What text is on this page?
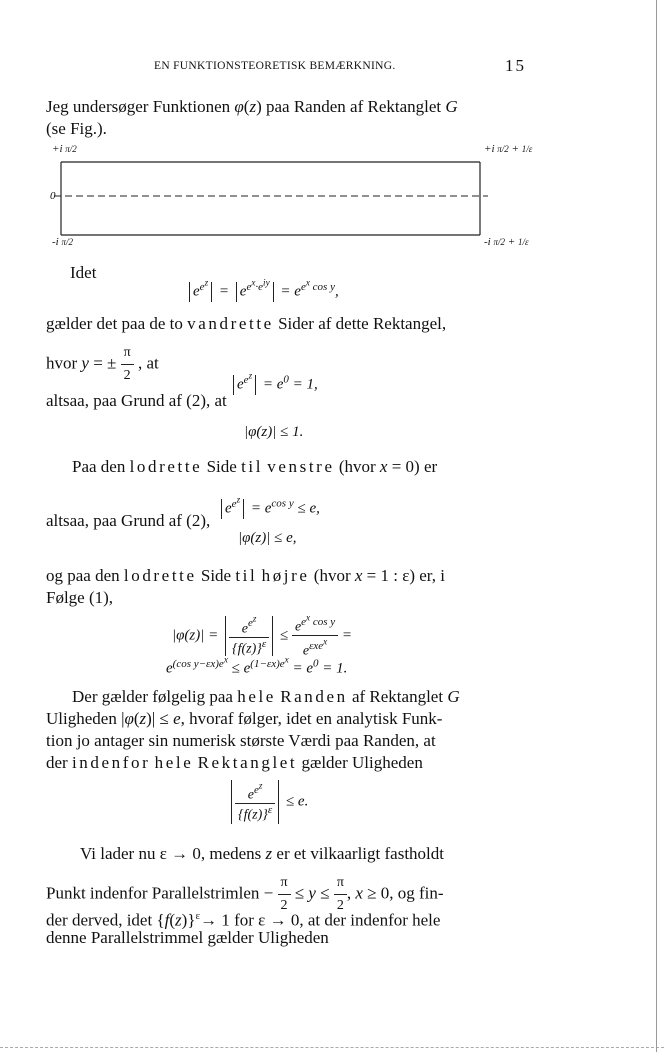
EN FUNKTIONSTEORETISK BEMÆRKNING.	15
Jeg undersøger Funktionen φ(z) paa Randen af Rektanglet G
(se Fig.).
+i π/2	+i π/2 + 1/ε
0
-i π/2	-i π/2 + 1/ε
Idet
$e^{e^z} = e^{e^x\cdot e^{iy}} = e^{e^x cos y}$,
gælder det paa de to vandrette Sider af dette Rektangel,
hvor y = ± $\frac{\pi}{2}$ , at
$e^{e^z} = e^0 = 1$,
altsaa, paa Grund af (2), at
|φ(z)| ≤ 1.
Paa den lodrette Side til venstre (hvor x = 0) er
$e^{e^z} = e^{cos y} \le e$,
altsaa, paa Grund af (2),
|φ(z)| ≤ e,
og paa den lodrette Side til højre (hvor x = 1 : ε) er, i
Følge (1),
$|\varphi(z)| = \frac{e^{e^z}}{\{f(z)\}^\varepsilon} \le \frac{e^{e^x cos y}}{e^{\varepsilon xe^x}}$ =
$e^{(cos y-\varepsilon x)e^x} \le e^{(1-\varepsilon x)e^x} = e^0 = 1$.
Der gælder følgelig paa hele Randen af Rektanglet G
Uligheden |φ(z)| ≤ e, hvoraf følger, idet en analytisk Funk-
tion jo antager sin numerisk største Værdi paa Randen, at
der indenfor hele Rektanglet gælder Uligheden
$\frac{e^{e^z}}{\{f(z)\}^\varepsilon} \le e$.
Vi lader nu ε → 0, medens z er et vilkaarligt fastholdt
Punkt indenfor Parallelstrimlen − $\frac{\pi}{2} \le y \le \frac{\pi}{2}$ , x ≥ 0, og fin-
der derved, idet $\{f(z)\}^\varepsilon\to 1$ for ε → 0, at der indenfor hele
denne Parallelstrimmel gælder Uligheden
